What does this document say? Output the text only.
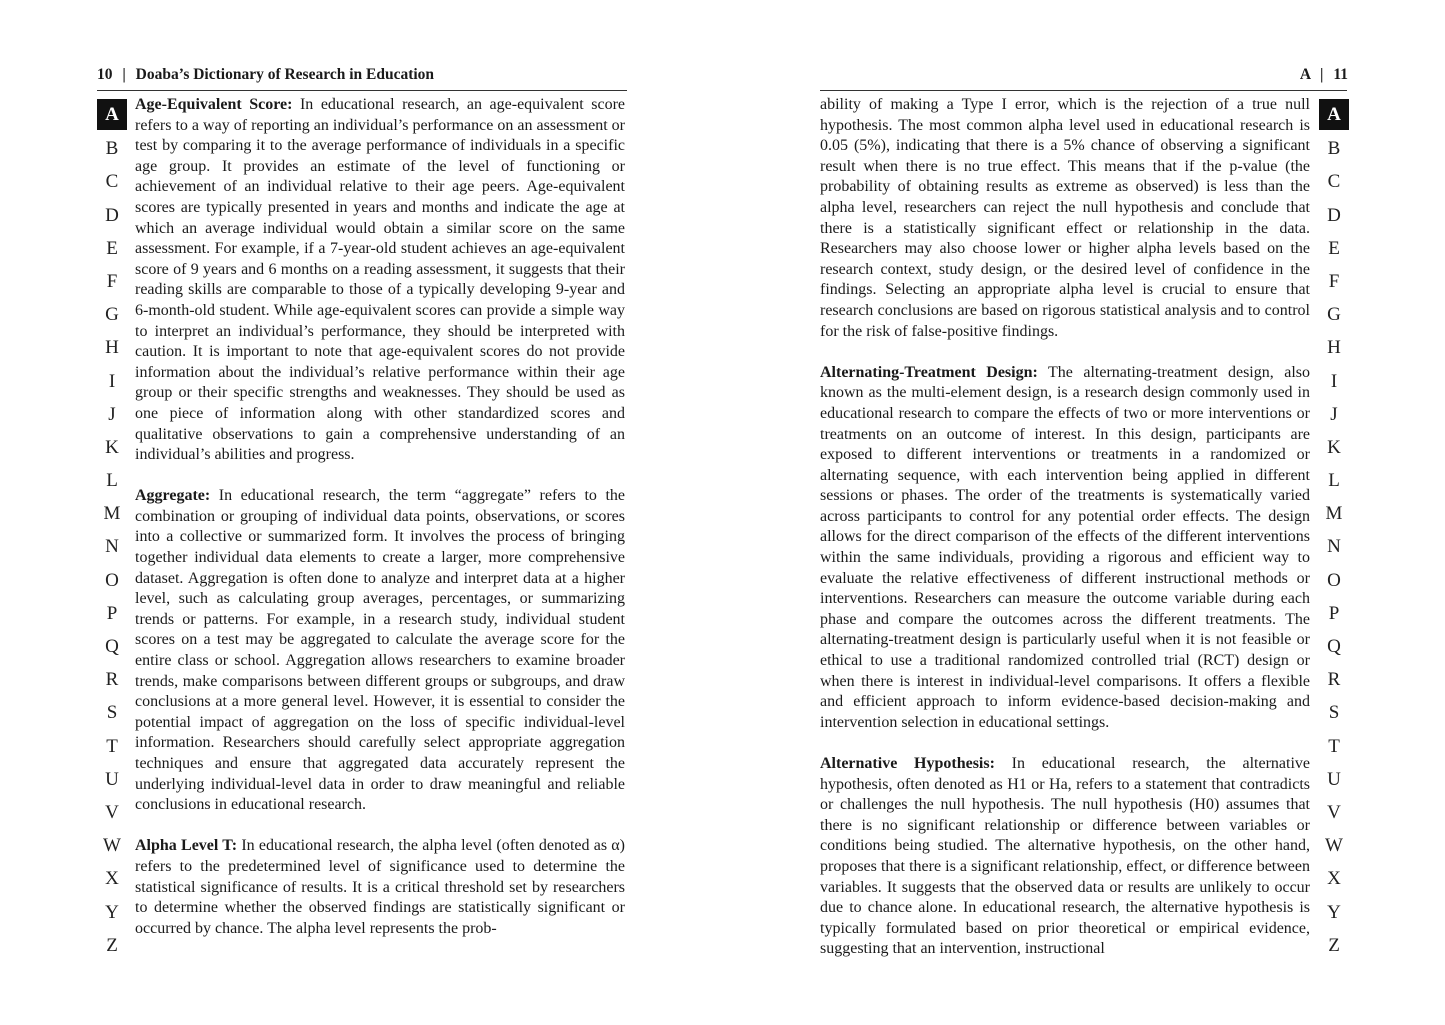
10 | Doaba’s Dictionary of Research in Education
A
B
C
D
E
F
G
H
I
J
K
L
M
N
O
P
Q
R
S
T
U
V
W
X
Y
Z

Age-Equivalent Score: In educational research, an age-equivalent score refers to a way of reporting an individual’s performance on an assessment or test by comparing it to the average performance of individuals in a specific age group. It provides an estimate of the level of functioning or achievement of an individual relative to their age peers. Age-equivalent scores are typically presented in years and months and indicate the age at which an average individual would obtain a similar score on the same assessment. For example, if a 7-year-old student achieves an age-equivalent score of 9 years and 6 months on a reading assessment, it suggests that their reading skills are comparable to those of a typically developing 9-year and 6-month-old student. While age-equivalent scores can provide a simple way to interpret an individual’s performance, they should be interpreted with caution. It is important to note that age-equivalent scores do not provide information about the individual’s relative performance within their age group or their specific strengths and weaknesses. They should be used as one piece of information along with other standardized scores and qualitative observations to gain a comprehensive understanding of an individual’s abilities and progress.

Aggregate: In educational research, the term “aggregate” refers to the combination or grouping of individual data points, observations, or scores into a collective or summarized form. It involves the process of bringing together individual data elements to create a larger, more comprehensive dataset. Aggregation is often done to analyze and interpret data at a higher level, such as calculating group averages, percentages, or summarizing trends or patterns. For example, in a research study, individual student scores on a test may be aggregated to calculate the average score for the entire class or school. Aggregation allows researchers to examine broader trends, make comparisons between different groups or subgroups, and draw conclusions at a more general level. However, it is essential to consider the potential impact of aggregation on the loss of specific individual-level information. Researchers should carefully select appropriate aggregation techniques and ensure that aggregated data accurately represent the underlying individual-level data in order to draw meaningful and reliable conclusions in educational research.

Alpha Level T: In educational research, the alpha level (often denoted as α) refers to the predetermined level of significance used to determine the statistical significance of results. It is a critical threshold set by researchers to determine whether the observed findings are statistically significant or occurred by chance. The alpha level represents the prob-

A | 11
A
B
C
D
E
F
G
H
I
J
K
L
M
N
O
P
Q
R
S
T
U
V
W
X
Y
Z

ability of making a Type I error, which is the rejection of a true null hypothesis. The most common alpha level used in educational research is 0.05 (5%), indicating that there is a 5% chance of observing a significant result when there is no true effect. This means that if the p-value (the probability of obtaining results as extreme as observed) is less than the alpha level, researchers can reject the null hypothesis and conclude that there is a statistically significant effect or relationship in the data. Researchers may also choose lower or higher alpha levels based on the research context, study design, or the desired level of confidence in the findings. Selecting an appropriate alpha level is crucial to ensure that research conclusions are based on rigorous statistical analysis and to control for the risk of false-positive findings.

Alternating-Treatment Design: The alternating-treatment design, also known as the multi-element design, is a research design commonly used in educational research to compare the effects of two or more interventions or treatments on an outcome of interest. In this design, participants are exposed to different interventions or treatments in a randomized or alternating sequence, with each intervention being applied in different sessions or phases. The order of the treatments is systematically varied across participants to control for any potential order effects. The design allows for the direct comparison of the effects of the different interventions within the same individuals, providing a rigorous and efficient way to evaluate the relative effectiveness of different instructional methods or interventions. Researchers can measure the outcome variable during each phase and compare the outcomes across the different treatments. The alternating-treatment design is particularly useful when it is not feasible or ethical to use a traditional randomized controlled trial (RCT) design or when there is interest in individual-level comparisons. It offers a flexible and efficient approach to inform evidence-based decision-making and intervention selection in educational settings.

Alternative Hypothesis: In educational research, the alternative hypothesis, often denoted as H1 or Ha, refers to a statement that contradicts or challenges the null hypothesis. The null hypothesis (H0) assumes that there is no significant relationship or difference between variables or conditions being studied. The alternative hypothesis, on the other hand, proposes that there is a significant relationship, effect, or difference between variables. It suggests that the observed data or results are unlikely to occur due to chance alone. In educational research, the alternative hypothesis is typically formulated based on prior theoretical or empirical evidence, suggesting that an intervention, instructional
